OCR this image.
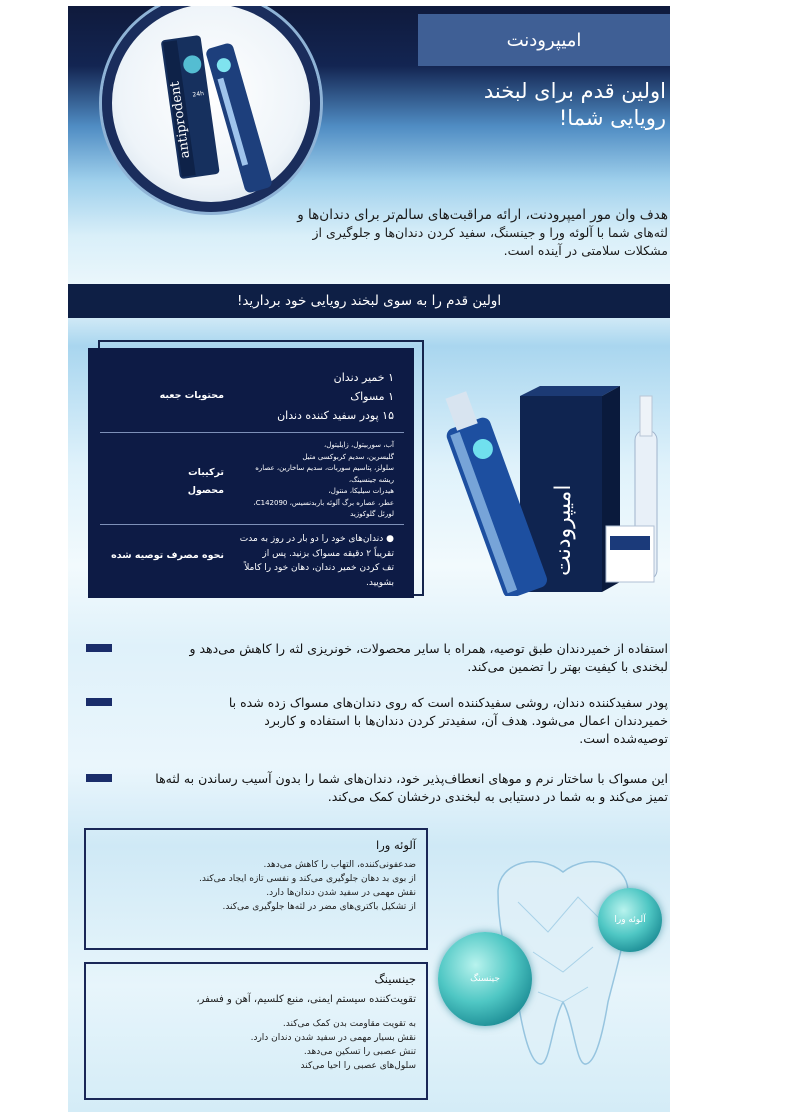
antiprodent
24h
امیپرودنت
اولین قدم برای لبخند
رویایی شما!
هدف وان مور امیپرودنت، ارائه مراقبت‌های سالم‌تر برای دندان‌ها و
لثه‌های شما با آلوئه ورا و جینسنگ، سفید کردن دندان‌ها و جلوگیری از مشکلات سلامتی در آینده است.
اولین قدم را به سوی لبخند رویایی خود بردارید!
محتویات جعبه
۱ خمیر دندان
۱ مسواک
۱۵ پودر سفید کننده دندان
ترکیبات
محصول
آب، سوربیتول، زایلیتول،
گلیسرین، سدیم کربوکسی متیل
سلولز، پتاسیم سوربات، سدیم ساخارین، عصاره
ریشه جینسینگ،
هیدرات سیلیکا، منتول،
عطر، عصاره برگ آلوئه باربدنسیس، C142090،
لورئل گلوکوزید
نحوه مصرف توصیه شده
● دندان‌های خود را دو بار در روز به مدت
تقریباً ۲ دقیقه مسواک بزنید. پس از
تف کردن خمیر دندان، دهان خود را کاملاً
بشویید.
امیپرودنت
استفاده از خمیردندان طبق توصیه، همراه با سایر محصولات، خونریزی لثه را کاهش می‌دهد و
لبخندی با کیفیت بهتر را تضمین می‌کند.
پودر سفیدکننده دندان، روشی سفیدکننده است که روی دندان‌های مسواک زده شده با
خمیردندان اعمال می‌شود. هدف آن، سفیدتر کردن دندان‌ها با استفاده و کاربرد
توصیه‌شده است.
این مسواک با ساختار نرم و موهای انعطاف‌پذیر خود، دندان‌های شما را بدون آسیب رساندن به لثه‌ها
تمیز می‌کند و به شما در دستیابی به لبخندی درخشان کمک می‌کند.
آلوئه ورا
ضدعفونی‌کننده، التهاب را کاهش می‌دهد.
از بوی بد دهان جلوگیری می‌کند و نفسی تازه ایجاد می‌کند.
نقش مهمی در سفید شدن دندان‌ها دارد.
از تشکیل باکتری‌های مضر در لثه‌ها جلوگیری می‌کند.
جینسینگ
تقویت‌کننده سیستم ایمنی، منبع کلسیم، آهن و فسفر،
به تقویت مقاومت بدن کمک می‌کند.
نقش بسیار مهمی در سفید شدن دندان دارد.
تنش عصبی را تسکین می‌دهد.
سلول‌های عصبی را احیا می‌کند
آلوئه ورا
جینسنگ
